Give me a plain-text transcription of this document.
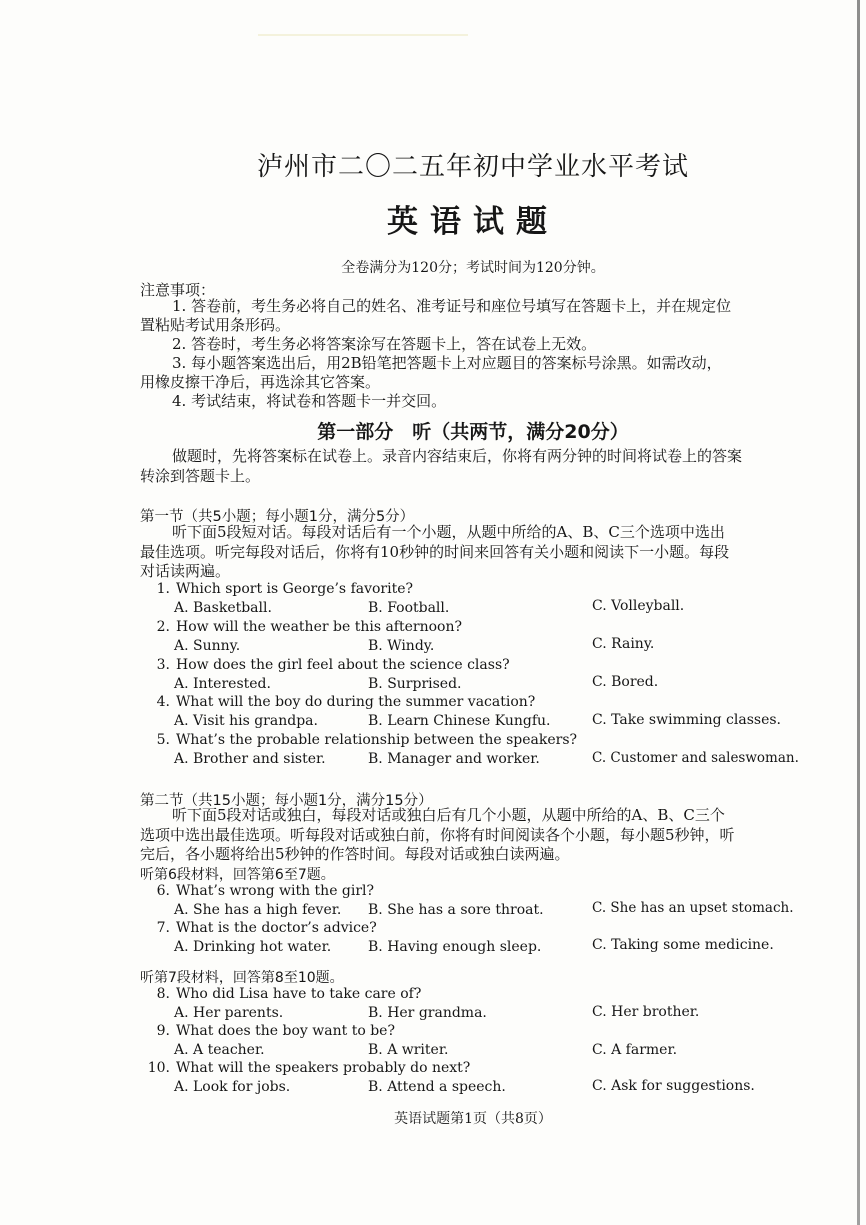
泸州市二〇二五年初中学业水平考试
英语试题
全卷满分为120分；考试时间为120分钟。
注意事项：
1. 答卷前，考生务必将自己的姓名、准考证号和座位号填写在答题卡上，并在规定位
置粘贴考试用条形码。
2. 答卷时，考生务必将答案涂写在答题卡上，答在试卷上无效。
3. 每小题答案选出后，用2B铅笔把答题卡上对应题目的答案标号涂黑。如需改动，
用橡皮擦干净后，再选涂其它答案。
4. 考试结束，将试卷和答题卡一并交回。
第一部分　听（共两节，满分20分）
做题时，先将答案标在试卷上。录音内容结束后，你将有两分钟的时间将试卷上的答案
转涂到答题卡上。
第一节（共5小题；每小题1分，满分5分）
听下面5段短对话。每段对话后有一个小题，从题中所给的A、B、C三个选项中选出
最佳选项。听完每段对话后，你将有10秒钟的时间来回答有关小题和阅读下一小题。每段
对话读两遍。
1. Which sport is George’s favorite?
A. Basketball.	B. Football.	C. Volleyball.
2. How will the weather be this afternoon?
A. Sunny.	B. Windy.	C. Rainy.
3. How does the girl feel about the science class?
A. Interested.	B. Surprised.	C. Bored.
4. What will the boy do during the summer vacation?
A. Visit his grandpa.	B. Learn Chinese Kungfu.	C. Take swimming classes.
5. What’s the probable relationship between the speakers?
A. Brother and sister.	B. Manager and worker.	C. Customer and saleswoman.
第二节（共15小题；每小题1分，满分15分）
听下面5段对话或独白，每段对话或独白后有几个小题，从题中所给的A、B、C三个
选项中选出最佳选项。听每段对话或独白前，你将有时间阅读各个小题，每小题5秒钟，听
完后，各小题将给出5秒钟的作答时间。每段对话或独白读两遍。
听第6段材料，回答第6至7题。
6. What’s wrong with the girl?
A. She has a high fever. B. She has a sore throat.	C. She has an upset stomach.
7. What is the doctor’s advice?
A. Drinking hot water.	B. Having enough sleep.	C. Taking some medicine.
听第7段材料，回答第8至10题。
8. Who did Lisa have to take care of?
A. Her parents.	B. Her grandma.	C. Her brother.
9. What does the boy want to be?
A. A teacher.	B. A writer.	C. A farmer.
10. What will the speakers probably do next?
A. Look for jobs.	B. Attend a speech.	C. Ask for suggestions.
英语试题第1页（共8页）
